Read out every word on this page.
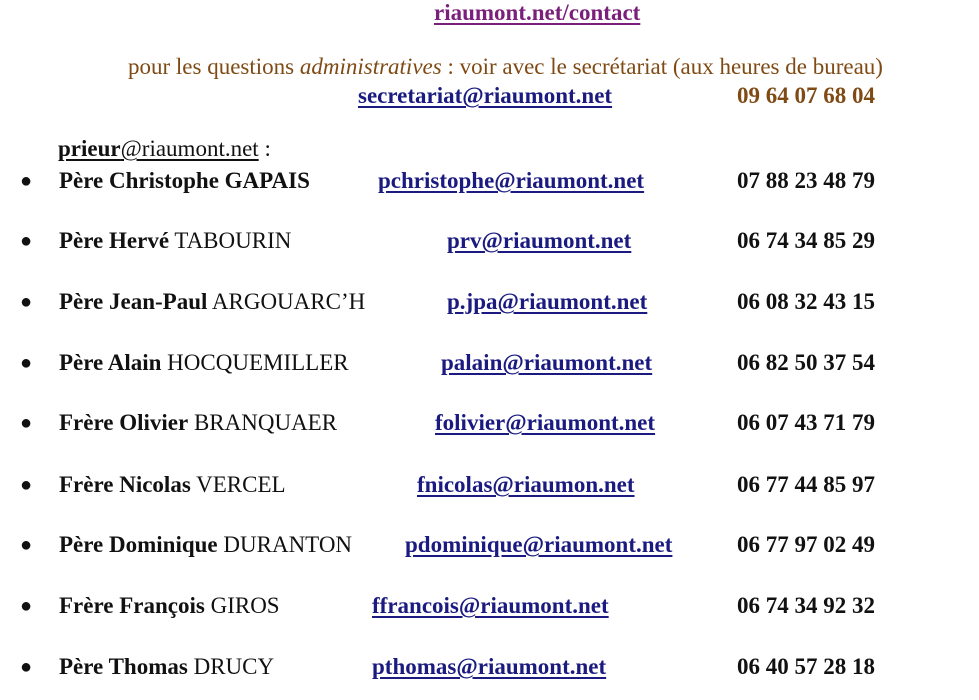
riaumont.net/contact
pour les questions administratives : voir avec le secrétariat (aux heures de bureau)
secretariat@riaumont.net	09 64 07 68 04
prieur@riaumont.net :
● Père Christophe GAPAIS	pchristophe@riaumont.net	07 88 23 48 79
● Père Hervé TABOURIN	prv@riaumont.net	06 74 34 85 29
● Père Jean-Paul ARGOUARC’H	p.jpa@riaumont.net	06 08 32 43 15
● Père Alain HOCQUEMILLER	palain@riaumont.net	06 82 50 37 54
● Frère Olivier BRANQUAER	folivier@riaumont.net	06 07 43 71 79
● Frère Nicolas VERCEL	fnicolas@riaumon.net	06 77 44 85 97
● Père Dominique DURANTON pdominique@riaumont.net	06 77 97 02 49
● Frère François GIROS	ffrancois@riaumont.net	06 74 34 92 32
● Père Thomas DRUCY	pthomas@riaumont.net	06 40 57 28 18
